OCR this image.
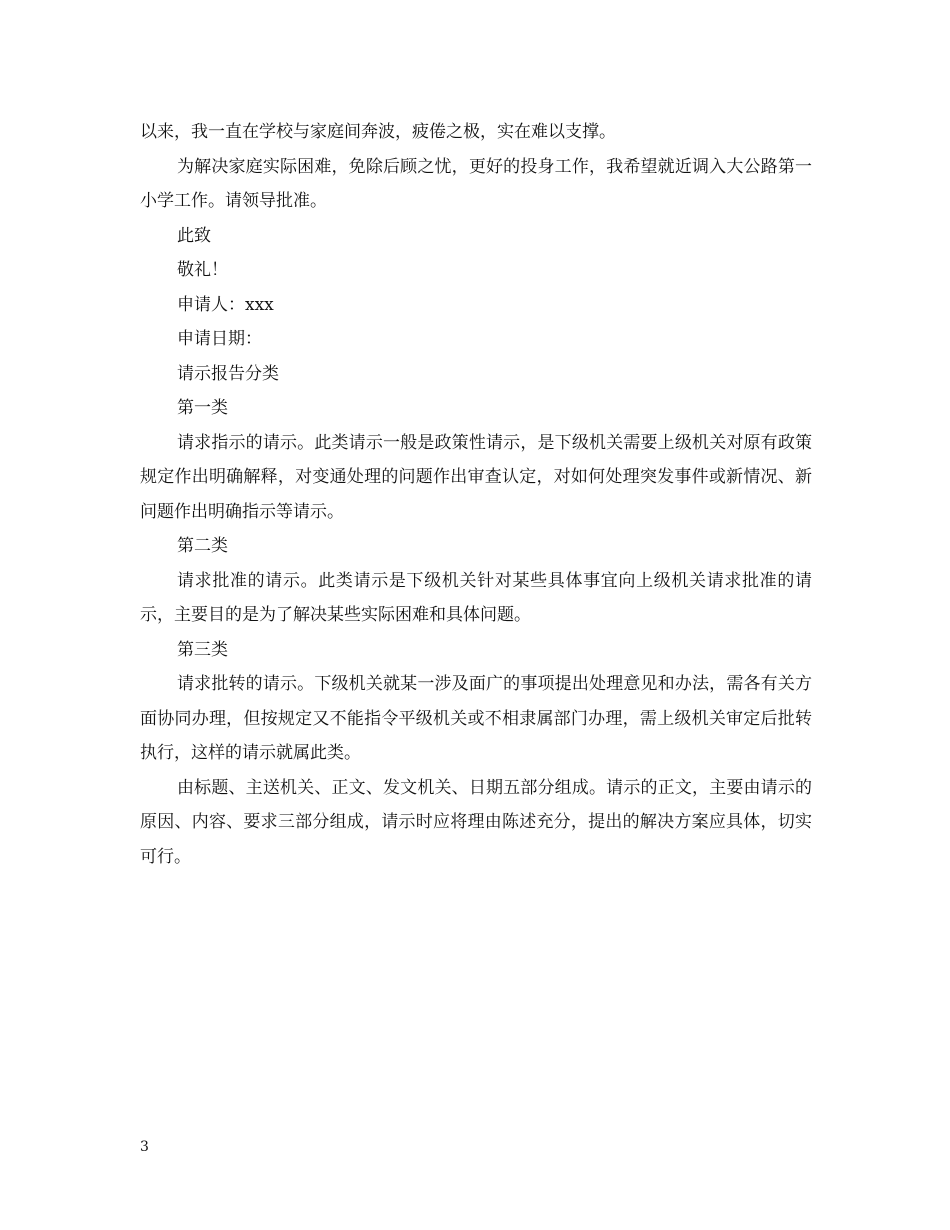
以来，我一直在学校与家庭间奔波，疲倦之极，实在难以支撑。

为解决家庭实际困难，免除后顾之忧，更好的投身工作，我希望就近调入大公路第一小学工作。请领导批准。

此致

敬礼！

申请人：xxx

申请日期：

请示报告分类

第一类

请求指示的请示。此类请示一般是政策性请示，是下级机关需要上级机关对原有政策规定作出明确解释，对变通处理的问题作出审查认定，对如何处理突发事件或新情况、新问题作出明确指示等请示。

第二类

请求批准的请示。此类请示是下级机关针对某些具体事宜向上级机关请求批准的请示，主要目的是为了解决某些实际困难和具体问题。

第三类

请求批转的请示。下级机关就某一涉及面广的事项提出处理意见和办法，需各有关方面协同办理，但按规定又不能指令平级机关或不相隶属部门办理，需上级机关审定后批转执行，这样的请示就属此类。

由标题、主送机关、正文、发文机关、日期五部分组成。请示的正文，主要由请示的原因、内容、要求三部分组成，请示时应将理由陈述充分，提出的解决方案应具体，切实可行。

3
